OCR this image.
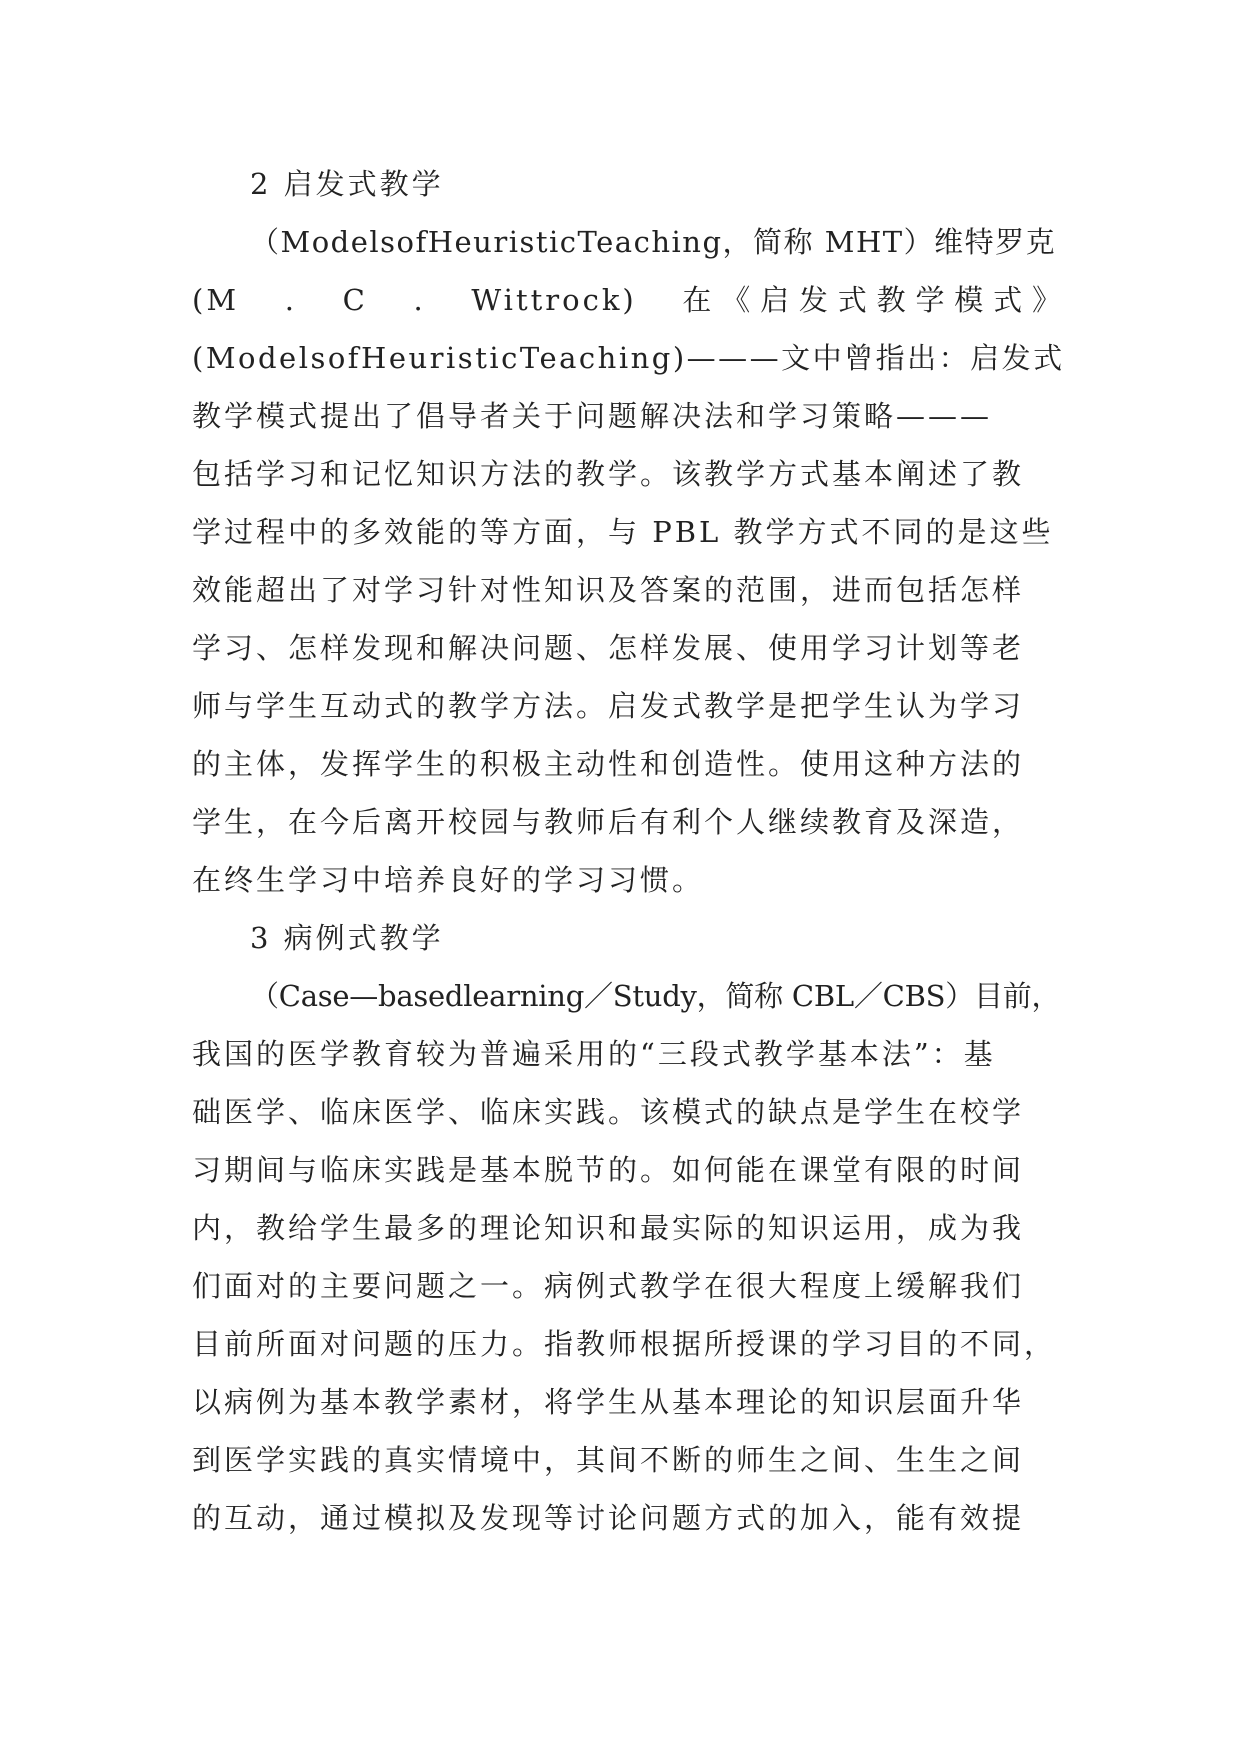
2 启发式教学
（ModelsofHeuristicTeaching，简称 MHT）维特罗克
(M　.　C　.　Wittrock)　在《启发式教学模式》
(ModelsofHeuristicTeaching)———文中曾指出：启发式
教学模式提出了倡导者关于问题解决法和学习策略———
包括学习和记忆知识方法的教学。该教学方式基本阐述了教
学过程中的多效能的等方面，与 PBL 教学方式不同的是这些
效能超出了对学习针对性知识及答案的范围，进而包括怎样
学习、怎样发现和解决问题、怎样发展、使用学习计划等老
师与学生互动式的教学方法。启发式教学是把学生认为学习
的主体，发挥学生的积极主动性和创造性。使用这种方法的
学生，在今后离开校园与教师后有利个人继续教育及深造，
在终生学习中培养良好的学习习惯。
3 病例式教学
（Case—basedlearning／Study，简称 CBL／CBS）目前，
我国的医学教育较为普遍采用的“三段式教学基本法”：基
础医学、临床医学、临床实践。该模式的缺点是学生在校学
习期间与临床实践是基本脱节的。如何能在课堂有限的时间
内，教给学生最多的理论知识和最实际的知识运用，成为我
们面对的主要问题之一。病例式教学在很大程度上缓解我们
目前所面对问题的压力。指教师根据所授课的学习目的不同，
以病例为基本教学素材，将学生从基本理论的知识层面升华
到医学实践的真实情境中，其间不断的师生之间、生生之间
的互动，通过模拟及发现等讨论问题方式的加入，能有效提
